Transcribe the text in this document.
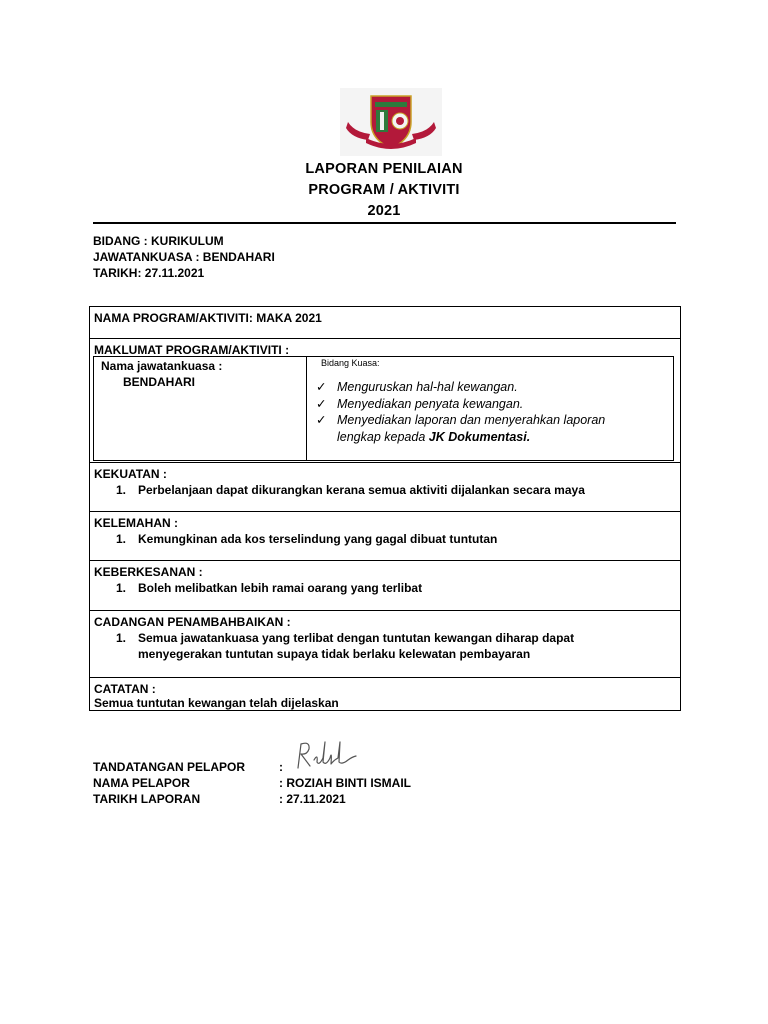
LAPORAN PENILAIAN
PROGRAM / AKTIVITI
2021
BIDANG : KURIKULUM
JAWATANKUASA : BENDAHARI
TARIKH: 27.11.2021
NAMA PROGRAM/AKTIVITI: MAKA 2021
MAKLUMAT PROGRAM/AKTIVITI :
Nama jawatankuasa :
BENDAHARI
Bidang Kuasa:
✓ Menguruskan hal-hal kewangan.
✓ Menyediakan penyata kewangan.
✓ Menyediakan laporan dan menyerahkan laporan
lengkap kepada JK Dokumentasi.
KEKUATAN :
1. Perbelanjaan dapat dikurangkan kerana semua aktiviti dijalankan secara maya
KELEMAHAN :
1. Kemungkinan ada kos terselindung yang gagal dibuat tuntutan
KEBERKESANAN :
1. Boleh melibatkan lebih ramai oarang yang terlibat
CADANGAN PENAMBAHBAIKAN :
1. Semua jawatankuasa yang terlibat dengan tuntutan kewangan diharap dapat
menyegerakan tuntutan supaya tidak berlaku kelewatan pembayaran
CATATAN :
Semua tuntutan kewangan telah dijelaskan
TANDATANGAN PELAPOR	:
NAMA PELAPOR	: ROZIAH BINTI ISMAIL
TARIKH LAPORAN	: 27.11.2021
